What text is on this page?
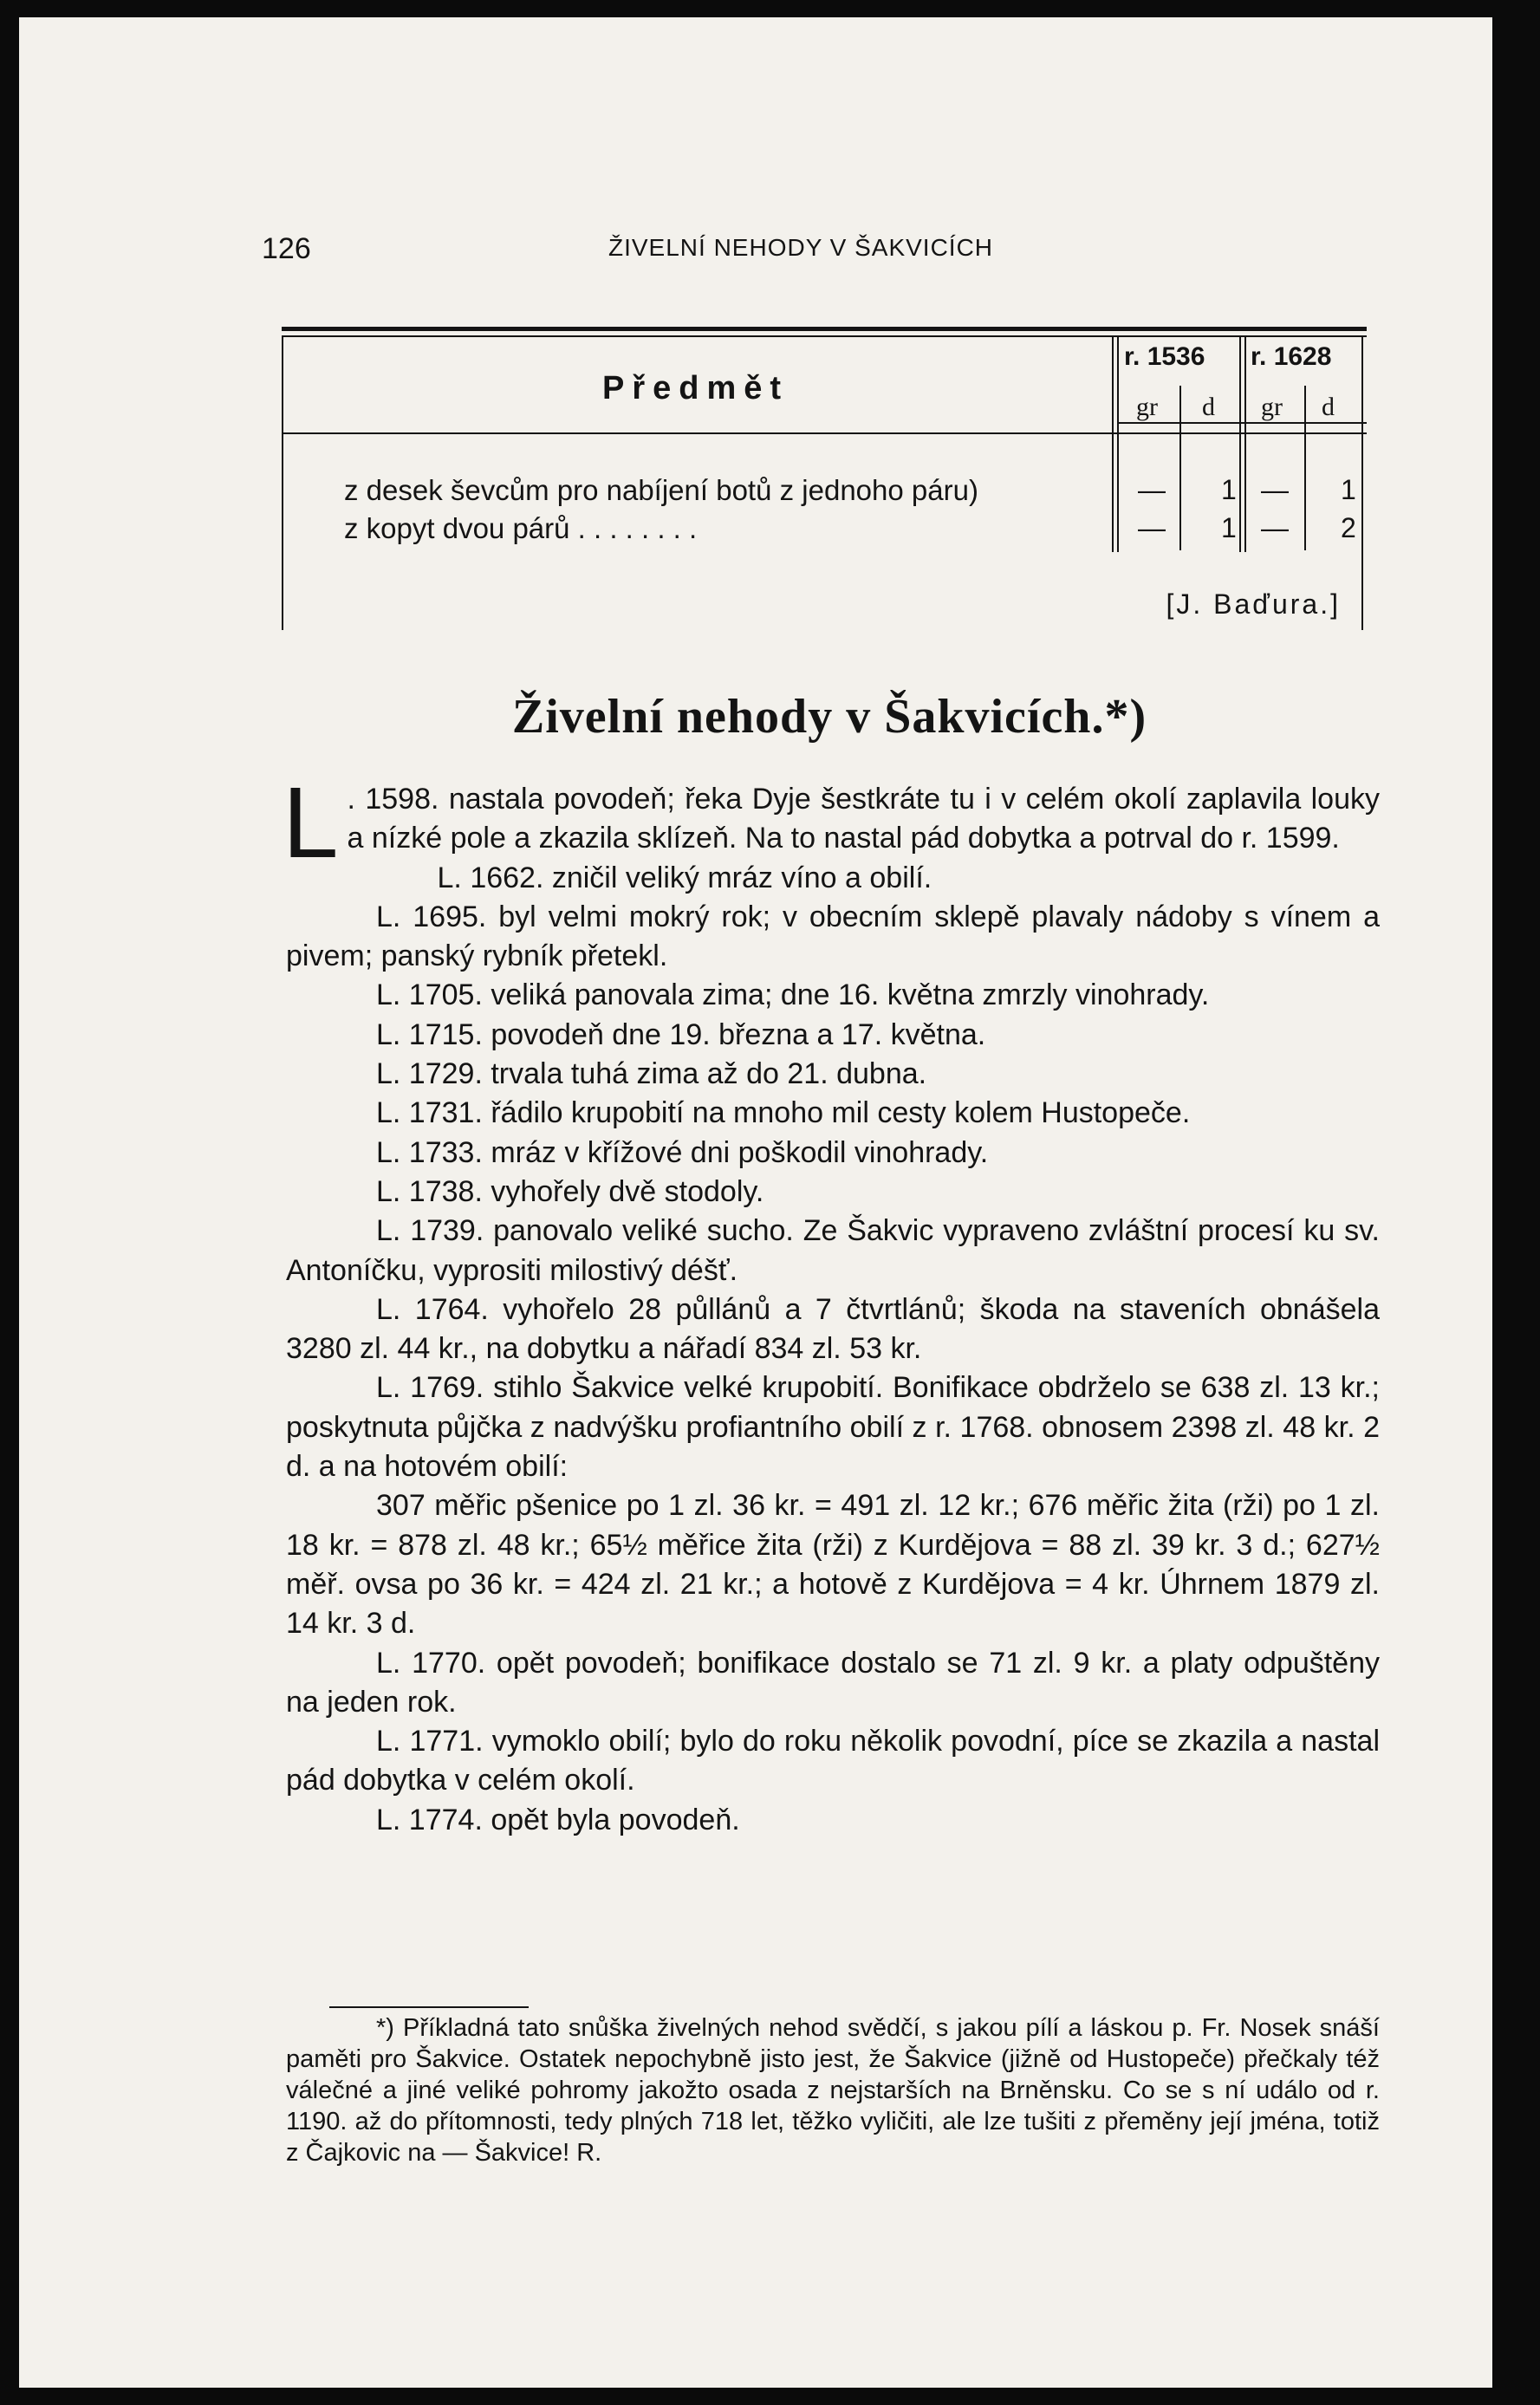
126	ŽIVELNÍ NEHODY V ŠAKVICÍCH
Předmět
r. 1536 r. 1628
gr d gr d
z desek ševcům pro nabíjení botů z jednoho páru)	— 1 — 1
z kopyt dvou párů . . . . . . . .	— 1 — 2
[J. Baďura.]
Živelní nehody v Šakvicích.*)

L . 1598. nastala povodeň; řeka Dyje šestkráte tu i v celém okolí zaplavila louky a nízké pole a zkazila sklízeň. Na to nastal pád dobytka a potrval do r. 1599.

L. 1662. zničil veliký mráz víno a obilí.

L. 1695. byl velmi mokrý rok; v obecním sklepě plavaly nádoby s vínem a pivem; panský rybník přetekl.

L. 1705. veliká panovala zima; dne 16. května zmrzly vinohrady.

L. 1715. povodeň dne 19. března a 17. května.

L. 1729. trvala tuhá zima až do 21. dubna.

L. 1731. řádilo krupobití na mnoho mil cesty kolem Hustopeče.

L. 1733. mráz v křížové dni poškodil vinohrady.

L. 1738. vyhořely dvě stodoly.

L. 1739. panovalo veliké sucho. Ze Šakvic vypraveno zvláštní procesí ku sv. Antoníčku, vyprositi milostivý déšť.

L. 1764. vyhořelo 28 půllánů a 7 čtvrtlánů; škoda na staveních obnášela 3280 zl. 44 kr., na dobytku a nářadí 834 zl. 53 kr.

L. 1769. stihlo Šakvice velké krupobití. Bonifikace obdrželo se 638 zl. 13 kr.; poskytnuta půjčka z nadvýšku profiantního obilí z r. 1768. obnosem 2398 zl. 48 kr. 2 d. a na hotovém obilí:

307 měřic pšenice po 1 zl. 36 kr. = 491 zl. 12 kr.; 676 měřic žita (rži) po 1 zl. 18 kr. = 878 zl. 48 kr.; 65½ měřice žita (rži) z Kurdějova = 88 zl. 39 kr. 3 d.; 627½ měř. ovsa po 36 kr. = 424 zl. 21 kr.; a hotově z Kurdějova = 4 kr. Úhrnem 1879 zl. 14 kr. 3 d.

L. 1770. opět povodeň; bonifikace dostalo se 71 zl. 9 kr. a platy odpuštěny na jeden rok.

L. 1771. vymoklo obilí; bylo do roku několik povodní, píce se zkazila a nastal pád dobytka v celém okolí.

L. 1774. opět byla povodeň.

*) Příkladná tato snůška živelných nehod svědčí, s jakou pílí a láskou p. Fr. Nosek snáší paměti pro Šakvice. Ostatek nepochybně jisto jest, že Šakvice (jižně od Hustopeče) přečkaly též válečné a jiné veliké pohromy jakožto osada z nejstarších na Brněnsku. Co se s ní událo od r. 1190. až do přítomnosti, tedy plných 718 let, těžko vyličiti, ale lze tušiti z přeměny její jména, totiž z Čajkovic na — Šakvice! R.
